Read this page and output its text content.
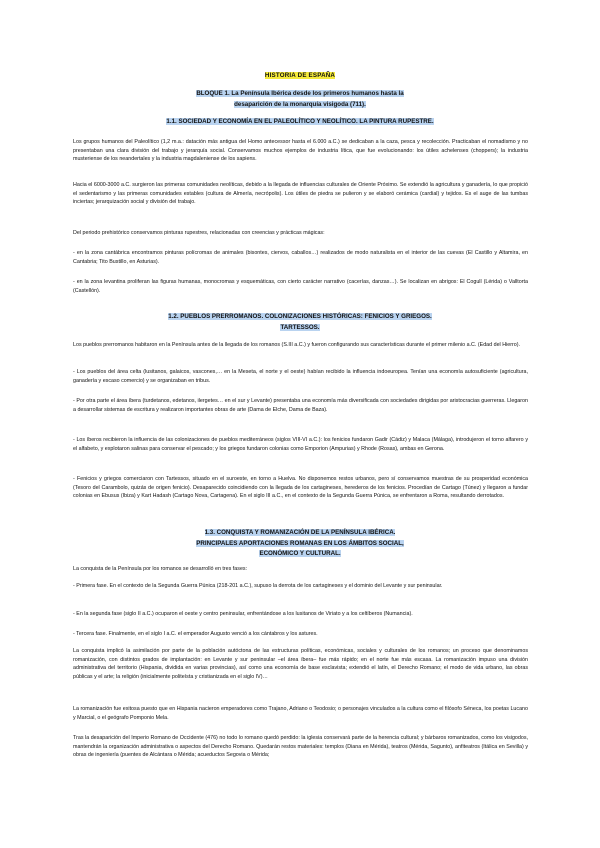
HISTORIA DE ESPAÑA
BLOQUE 1. La Península Ibérica desde los primeros humanos hasta la
desaparición de la monarquía visigoda (711).
1.1. SOCIEDAD Y ECONOMÍA EN EL PALEOLÍTICO Y NEOLÍTICO. LA PINTURA RUPESTRE.

Los grupos humanos del Paleolítico (1,2 m.a.: datación más antigua del Homo antecessor hasta el 6.000 a.C.) se dedicaban a la caza, pesca y recolección. Practicaban el nomadismo y no presentaban una clara división del trabajo y jerarquía social. Conservamos muchos ejemplos de industria lítica, que fue evolucionando: los útiles achelenses (choppers); la industria musteriense de los neandertales y la industria magdaleniense de los sapiens.

Hacia el 6000-3000 a.C. surgieron las primeras comunidades neolíticas, debido a la llegada de influencias culturales de Oriente Próximo. Se extendió la agricultura y ganadería, lo que propició el sedentarismo y las primeras comunidades estables (cultura de Almería, necrópolis). Los útiles de piedra se pulieron y se elaboró cerámica (cardial) y tejidos. Es el auge de las tumbas inciertas; jerarquización social y división del trabajo.

Del periodo prehistórico conservamos pinturas rupestres, relacionadas con creencias y prácticas mágicas:

- en la zona cantábrica encontramos pinturas polícromas de animales (bisontes, ciervos, caballos…) realizados de modo naturalista en el interior de las cuevas (El Castillo y Altamira, en Cantabria; Tito Bustillo, en Asturias).

- en la zona levantina proliferan las figuras humanas, monocromas y esquemáticas, con cierto carácter narrativo (cacerías, danzas…). Se localizan en abrigos: El Cogull (Lérida) o Valltorta (Castellón).

1.2. PUEBLOS PRERROMANOS. COLONIZACIONES HISTÓRICAS: FENICIOS Y GRIEGOS.
TARTESSOS.

Los pueblos prerromanos habitaron en la Península antes de la llegada de los romanos (S.III a.C.) y fueron configurando sus características durante el primer milenio a.C. (Edad del Hierro).

- Los pueblos del área celta (lusitanos, galaicos, vascones,… en la Meseta, el norte y el oeste) habían recibido la influencia indoeuropea. Tenían una economía autosuficiente (agricultura, ganadería y escaso comercio) y se organizaban en tribus.

- Por otra parte el área íbera (turdetanos, edetanos, ilergetes… en el sur y Levante) presentaba una economía más diversificada con sociedades dirigidas por aristocracias guerreras. Llegaron a desarrollar sistemas de escritura y realizaron importantes obras de arte (Dama de Elche, Dama de Baza).

- Los íberos recibieron la influencia de las colonizaciones de pueblos mediterráneos (siglos VIII-VI a.C.): los fenicios fundaron Gadir (Cádiz) y Malaca (Málaga), introdujeron el torno alfarero y el alfabeto, y explotaron salinas para conservar el pescado; y los griegos fundaron colonias como Emporion (Ampurias) y Rhode (Rosas), ambas en Gerona.

- Fenicios y griegos comerciaron con Tartessos, situado en el suroeste, en torno a Huelva. No disponemos restos urbanos, pero sí conservamos muestras de su prosperidad económica (Tesoro del Carambolo, quizás de origen fenicio). Desaparecido coincidiendo con la llegada de los cartagineses, herederos de los fenicios. Procedían de Cartago (Túnez) y llegaron a fundar colonias en Ebusus (Ibiza) y Kart Hadash (Cartago Nova, Cartagena). En el siglo III a.C., en el contexto de la Segunda Guerra Púnica, se enfrentaron a Roma, resultando derrotados.

1.3. CONQUISTA Y ROMANIZACIÓN DE LA PENÍNSULA IBÉRICA.
PRINCIPALES APORTACIONES ROMANAS EN LOS ÁMBITOS SOCIAL,
ECONÓMICO Y CULTURAL.

La conquista de la Península por los romanos se desarrolló en tres fases:

- Primera fase. En el contexto de la Segunda Guerra Púnica (218-201 a.C.), supuso la derrota de los cartagineses y el dominio del Levante y sur peninsular.

- En la segunda fase (siglo II a.C.) ocuparon el oeste y centro peninsular, enfrentándose a los lusitanos de Viriato y a los celtíberos (Numancia).

- Tercera fase. Finalmente, en el siglo I a.C. el emperador Augusto venció a los cántabros y los astures.

La conquista implicó la asimilación por parte de la población autóctona de las estructuras políticas, económicas, sociales y culturales de los romanos; un proceso que denominamos romanización, con distintos grados de implantación: en Levante y sur peninsular –el área íbera– fue más rápido; en el norte fue más escasa. La romanización impuso una división administrativa del territorio (Hispania, dividida en varias provincias), así como una economía de base esclavista; extendió el latín, el Derecho Romano; el modo de vida urbano, las obras públicas y el arte; la religión (inicialmente politeísta y cristianizada en el siglo IV)…

La romanización fue exitosa puesto que en Hispania nacieron emperadores como Trajano, Adriano o Teodosio; o personajes vinculados a la cultura como el filósofo Séneca, los poetas Lucano y Marcial, o el geógrafo Pomponio Mela.

Tras la desaparición del Imperio Romano de Occidente (476) no todo lo romano quedó perdido: la iglesia conservará parte de la herencia cultural; y bárbaros romanizados, como los visigodos, mantendrán la organización administrativa o aspectos del Derecho Romano. Quedarán restos materiales: templos (Diana en Mérida), teatros (Mérida, Sagunto), anfiteatros (Itálica en Sevilla) y obras de ingeniería (puentes de Alcántara o Mérida; acueductos Segovia o Mérida;
